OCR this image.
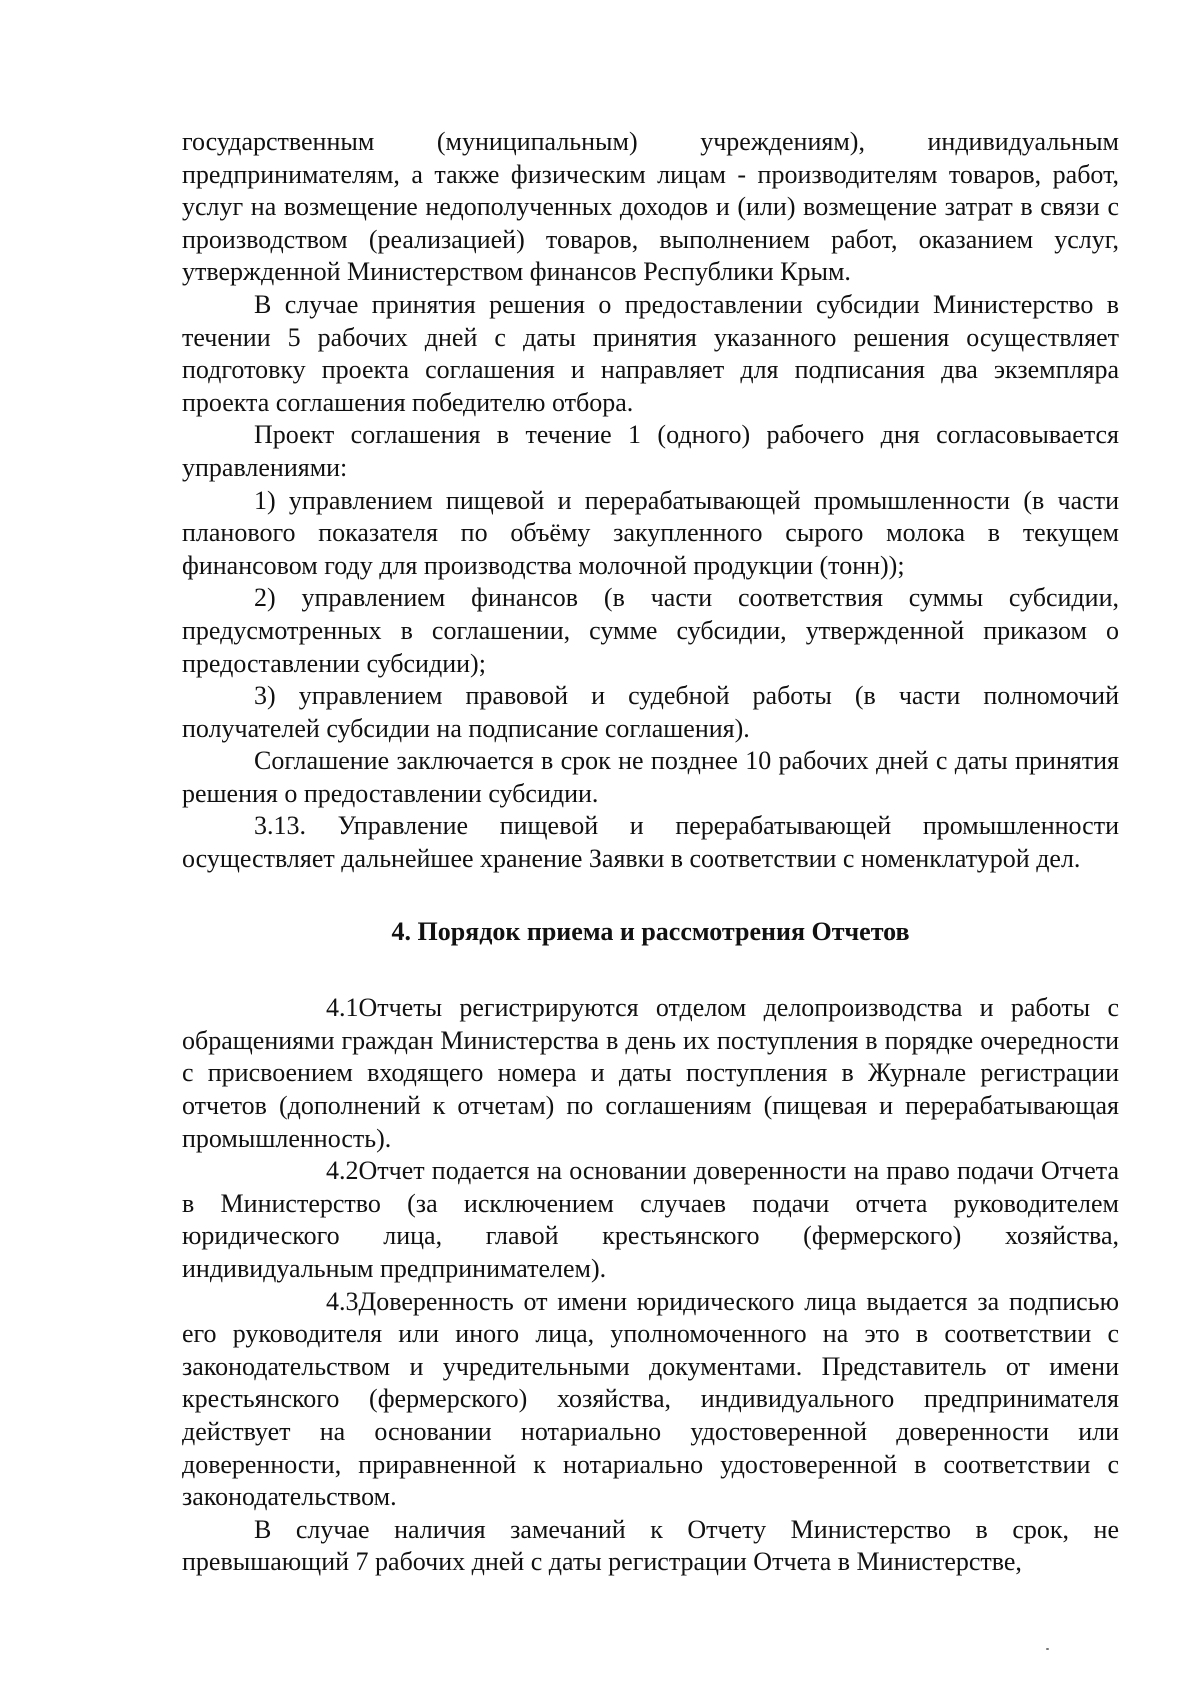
государственным (муниципальным) учреждениям), индивидуальным предпринимателям, а также физическим лицам - производителям товаров, работ, услуг на возмещение недополученных доходов и (или) возмещение затрат в связи с производством (реализацией) товаров, выполнением работ, оказанием услуг, утвержденной Министерством финансов Республики Крым.

В случае принятия решения о предоставлении субсидии Министерство в течении 5 рабочих дней с даты принятия указанного решения осуществляет подготовку проекта соглашения и направляет для подписания два экземпляра проекта соглашения победителю отбора.

Проект соглашения в течение 1 (одного) рабочего дня согласовывается управлениями:

1) управлением пищевой и перерабатывающей промышленности (в части планового показателя по объёму закупленного сырого молока в текущем финансовом году для производства молочной продукции (тонн));

2) управлением финансов (в части соответствия суммы субсидии, предусмотренных в соглашении, сумме субсидии, утвержденной приказом о предоставлении субсидии);

3) управлением правовой и судебной работы (в части полномочий получателей субсидии на подписание соглашения).

Соглашение заключается в срок не позднее 10 рабочих дней с даты принятия решения о предоставлении субсидии.

3.13. Управление пищевой и перерабатывающей промышленности осуществляет дальнейшее хранение Заявки в соответствии с номенклатурой дел.

4. Порядок приема и рассмотрения Отчетов

4.1Отчеты регистрируются отделом делопроизводства и работы с обращениями граждан Министерства в день их поступления в порядке очередности с присвоением входящего номера и даты поступления в Журнале регистрации отчетов (дополнений к отчетам) по соглашениям (пищевая и перерабатывающая промышленность).

4.2Отчет подается на основании доверенности на право подачи Отчета в Министерство (за исключением случаев подачи отчета руководителем юридического лица, главой крестьянского (фермерского) хозяйства, индивидуальным предпринимателем).

4.3Доверенность от имени юридического лица выдается за подписью его руководителя или иного лица, уполномоченного на это в соответствии с законодательством и учредительными документами. Представитель от имени крестьянского (фермерского) хозяйства, индивидуального предпринимателя действует на основании нотариально удостоверенной доверенности или доверенности, приравненной к нотариально удостоверенной в соответствии с законодательством.

В случае наличия замечаний к Отчету Министерство в срок, не превышающий 7 рабочих дней с даты регистрации Отчета в Министерстве,
